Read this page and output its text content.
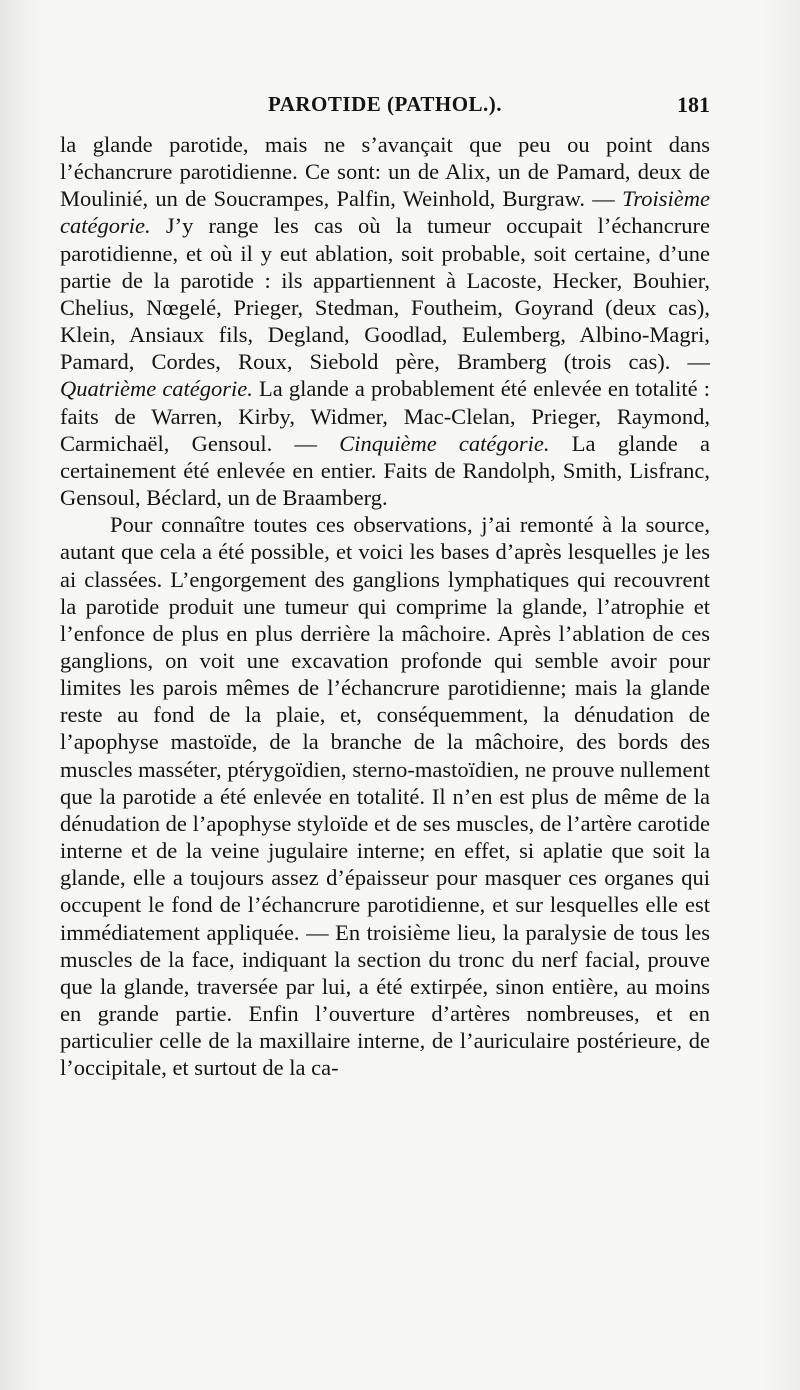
PAROTIDE (PATHOL.).	181

la glande parotide, mais ne s’avançait que peu ou point dans l’échancrure parotidienne. Ce sont: un de Alix, un de Pamard, deux de Moulinié, un de Soucrampes, Palfin, Weinhold, Burgraw. — Troisième catégorie. J’y range les cas où la tumeur occupait l’échancrure parotidienne, et où il y eut ablation, soit probable, soit certaine, d’une partie de la parotide : ils appartiennent à Lacoste, Hecker, Bouhier, Chelius, Nœgelé, Prieger, Stedman, Foutheim, Goyrand (deux cas), Klein, Ansiaux fils, Degland, Goodlad, Eulemberg, Albino-Magri, Pamard, Cordes, Roux, Siebold père, Bramberg (trois cas). — Quatrième catégorie. La glande a probablement été enlevée en totalité : faits de Warren, Kirby, Widmer, Mac-Clelan, Prieger, Raymond, Carmichaël, Gensoul. — Cinquième catégorie. La glande a certainement été enlevée en entier. Faits de Randolph, Smith, Lisfranc, Gensoul, Béclard, un de Braamberg.

Pour connaître toutes ces observations, j’ai remonté à la source, autant que cela a été possible, et voici les bases d’après lesquelles je les ai classées. L’engorgement des ganglions lymphatiques qui recouvrent la parotide produit une tumeur qui comprime la glande, l’atrophie et l’enfonce de plus en plus derrière la mâchoire. Après l’ablation de ces ganglions, on voit une excavation profonde qui semble avoir pour limites les parois mêmes de l’échancrure parotidienne; mais la glande reste au fond de la plaie, et, conséquemment, la dénudation de l’apophyse mastoïde, de la branche de la mâchoire, des bords des muscles masséter, ptérygoïdien, sterno-mastoïdien, ne prouve nullement que la parotide a été enlevée en totalité. Il n’en est plus de même de la dénudation de l’apophyse styloïde et de ses muscles, de l’artère carotide interne et de la veine jugulaire interne; en effet, si aplatie que soit la glande, elle a toujours assez d’épaisseur pour masquer ces organes qui occupent le fond de l’échancrure parotidienne, et sur lesquelles elle est immédiatement appliquée. — En troisième lieu, la paralysie de tous les muscles de la face, indiquant la section du tronc du nerf facial, prouve que la glande, traversée par lui, a été extirpée, sinon entière, au moins en grande partie. Enfin l’ouverture d’artères nombreuses, et en particulier celle de la maxillaire interne, de l’auriculaire postérieure, de l’occipitale, et surtout de la ca-
